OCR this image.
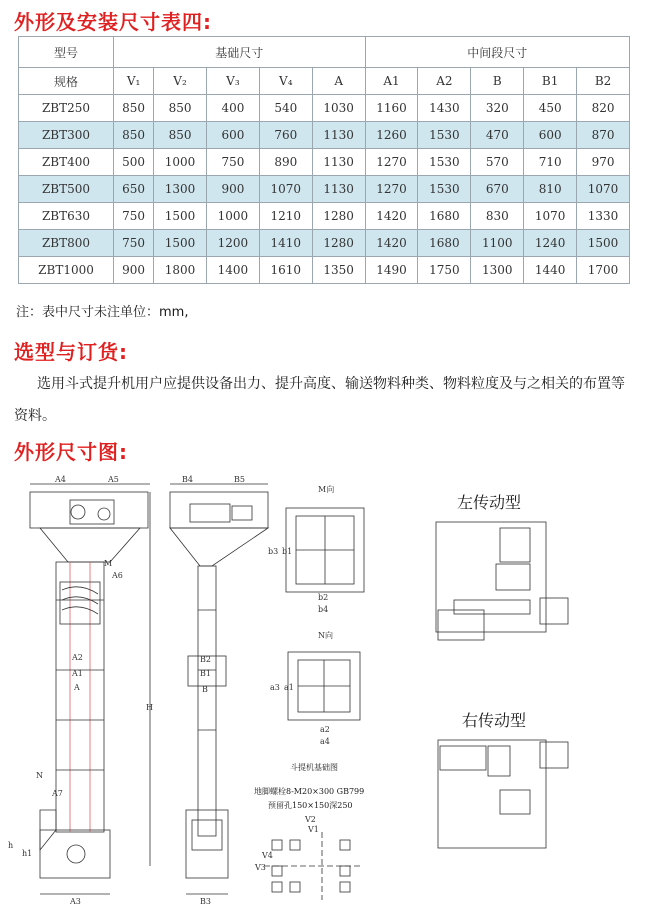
外形及安装尺寸表四:
型号	基础尺寸					中间段尺寸				
规格	V₁	V₂	V₃	V₄	A	A1	A2	B	B1	B2
ZBT250	850	850	400	540	1030	1160	1430	320	450	820
ZBT300	850	850	600	760	1130	1260	1530	470	600	870
ZBT400	500	1000	750	890	1130	1270	1530	570	710	970
ZBT500	650	1300	900	1070	1130	1270	1530	670	810	1070
ZBT630	750	1500	1000	1210	1280	1420	1680	830	1070	1330
ZBT800	750	1500	1200	1410	1280	1420	1680	1100	1240	1500
ZBT1000	900	1800	1400	1610	1350	1490	1750	1300	1440	1700
注：表中尺寸未注单位：mm,
选型与订货:
选用斗式提升机用户应提供设备出力、提升高度、输送物料种类、物料粒度及与之相关的布置等资料。
外形尺寸图:
A4	A5
A6
M
A2
A1
A
H
N
A7
h
h1
A3
B4	B5
B2
B1
B
B3
M向
b3 b1
b2
b4
N向
a3 a1
a2
a4
V2
V1
V3
V4
左传动型
右传动型
斗提机基础图
地脚螺栓8-M20×300 GB799
预留孔150×150深250
